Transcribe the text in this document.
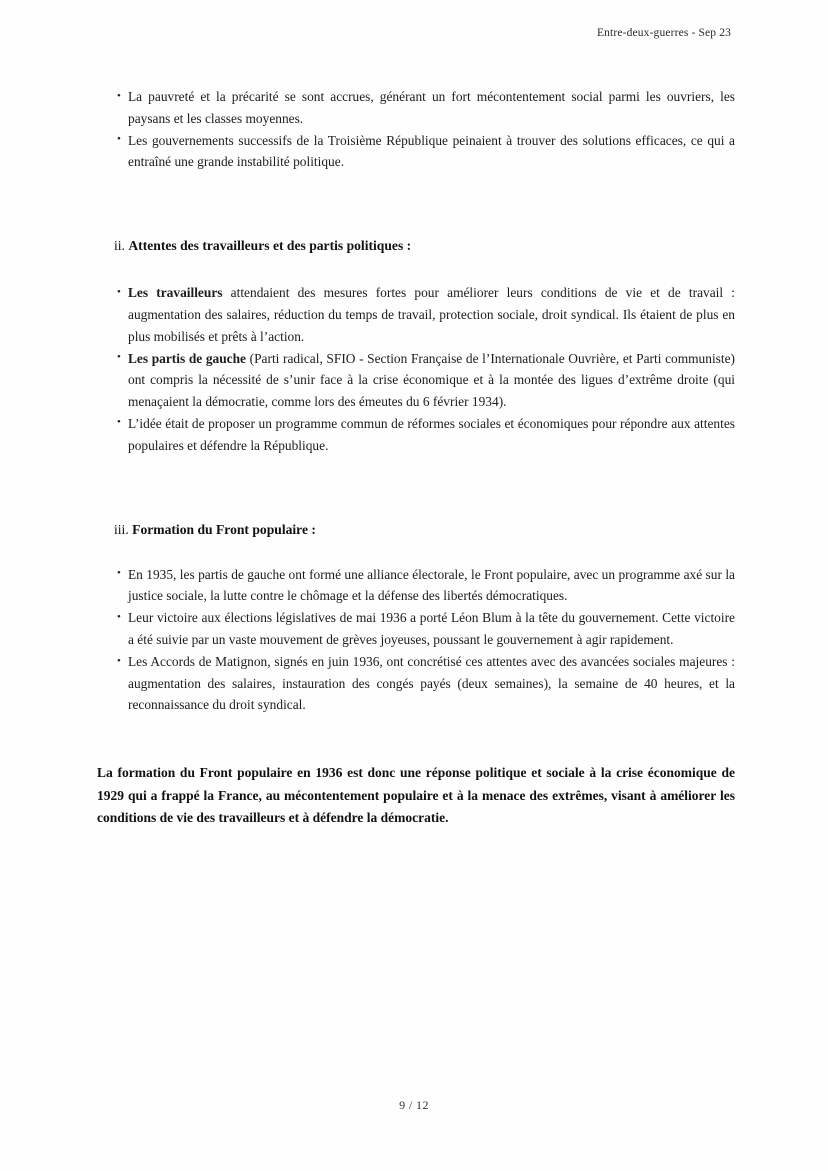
Entre-deux-guerres - Sep 23
• La pauvreté et la précarité se sont accrues, générant un fort mécontentement social parmi les ouvriers, les paysans et les classes moyennes.
• Les gouvernements successifs de la Troisième République peinaient à trouver des solutions efficaces, ce qui a entraîné une grande instabilité politique.

ii. Attentes des travailleurs et des partis politiques :

• Les travailleurs attendaient des mesures fortes pour améliorer leurs conditions de vie et de travail : augmentation des salaires, réduction du temps de travail, protection sociale, droit syndical. Ils étaient de plus en plus mobilisés et prêts à l’action.
• Les partis de gauche (Parti radical, SFIO - Section Française de l’Internationale Ouvrière, et Parti communiste) ont compris la nécessité de s’unir face à la crise économique et à la montée des ligues d’extrême droite (qui menaçaient la démocratie, comme lors des émeutes du 6 février 1934).
• L’idée était de proposer un programme commun de réformes sociales et économiques pour répondre aux attentes populaires et défendre la République.

iii. Formation du Front populaire :

• En 1935, les partis de gauche ont formé une alliance électorale, le Front populaire, avec un programme axé sur la justice sociale, la lutte contre le chômage et la défense des libertés démocratiques.
• Leur victoire aux élections législatives de mai 1936 a porté Léon Blum à la tête du gouvernement. Cette victoire a été suivie par un vaste mouvement de grèves joyeuses, poussant le gouvernement à agir rapidement.
• Les Accords de Matignon, signés en juin 1936, ont concrétisé ces attentes avec des avancées sociales majeures : augmentation des salaires, instauration des congés payés (deux semaines), la semaine de 40 heures, et la reconnaissance du droit syndical.

La formation du Front populaire en 1936 est donc une réponse politique et sociale à la crise économique de 1929 qui a frappé la France, au mécontentement populaire et à la menace des extrêmes, visant à améliorer les conditions de vie des travailleurs et à défendre la démocratie.

9 / 12
